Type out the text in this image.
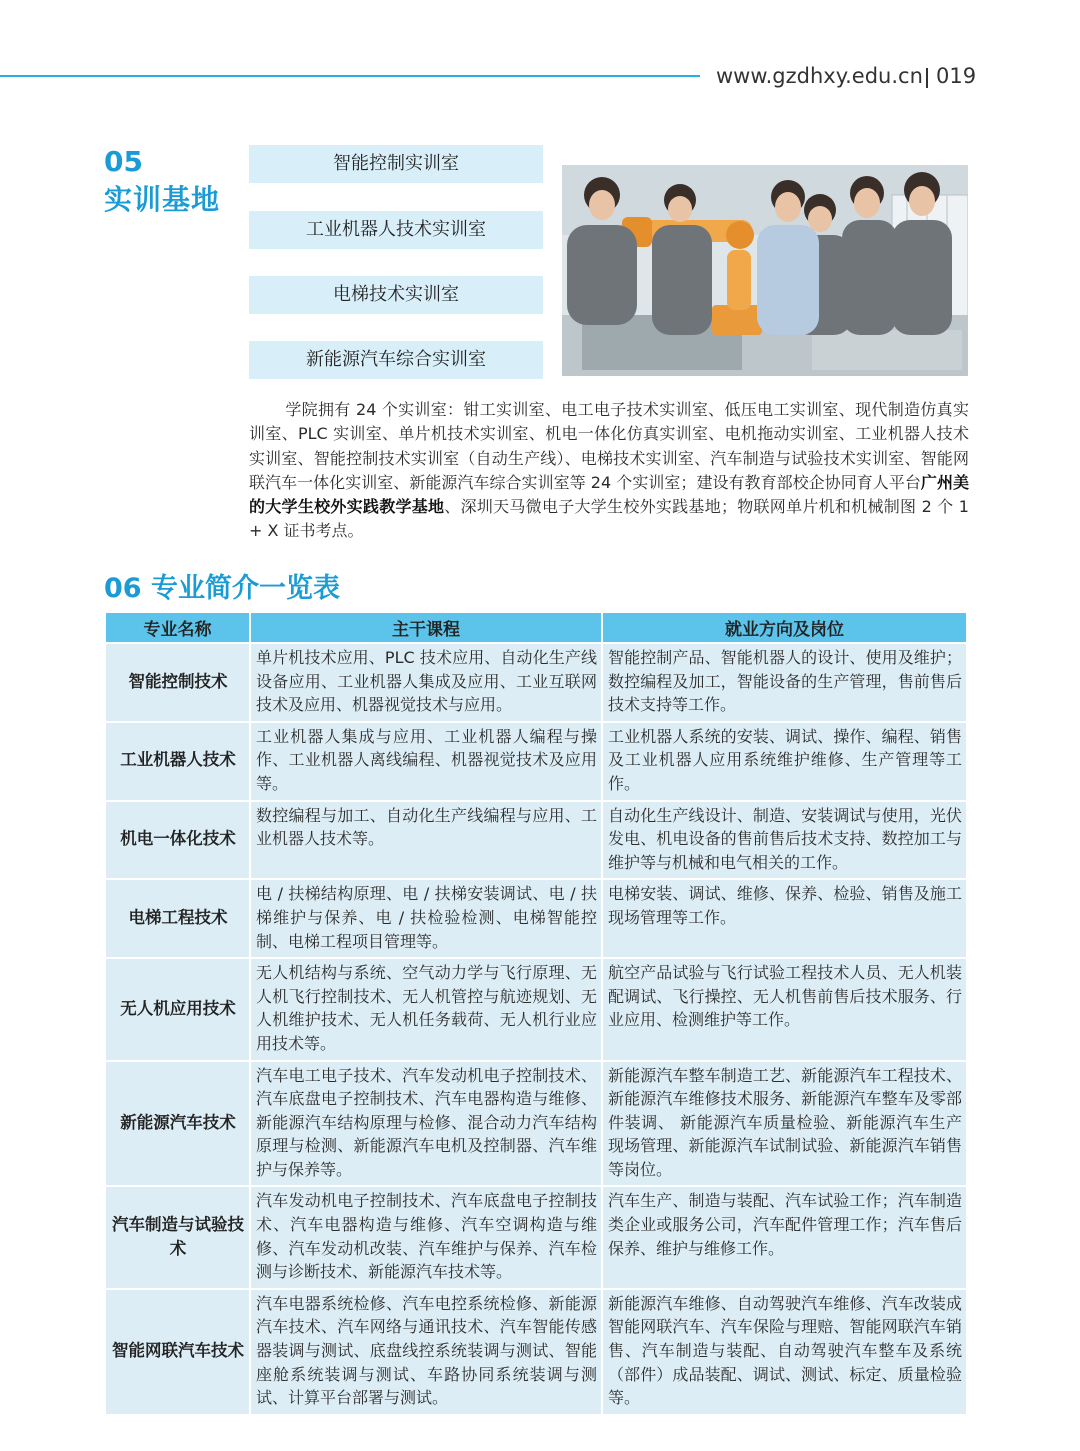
www.gzdhxy.edu.cn 019
05
实训基地
智能控制实训室
工业机器人技术实训室
电梯技术实训室
新能源汽车综合实训室
学院拥有 24 个实训室：钳工实训室、电工电子技术实训室、低压电工实训室、现代制造仿真实训室、PLC 实训室、单片机技术实训室、机电一体化仿真实训室、电机拖动实训室、工业机器人技术实训室、智能控制技术实训室（自动生产线）、电梯技术实训室、汽车制造与试验技术实训室、智能网联汽车一体化实训室、新能源汽车综合实训室等 24 个实训室；建设有教育部校企协同育人平台广州美的大学生校外实践教学基地、深圳天马微电子大学生校外实践基地；物联网单片机和机械制图 2 个 1 + X 证书考点。
06 专业简介一览表
专业名称	主干课程	就业方向及岗位
智能控制技术	单片机技术应用、PLC 技术应用、自动化生产线设备应用、工业机器人集成及应用、工业互联网技术及应用、机器视觉技术与应用。	智能控制产品、智能机器人的设计、使用及维护；数控编程及加工，智能设备的生产管理，售前售后技术支持等工作。
工业机器人技术	工业机器人集成与应用、工业机器人编程与操作、工业机器人离线编程、机器视觉技术及应用等。	工业机器人系统的安装、调试、操作、编程、销售及工业机器人应用系统维护维修、生产管理等工作。
机电一体化技术	数控编程与加工、自动化生产线编程与应用、工业机器人技术等。	自动化生产线设计、制造、安装调试与使用，光伏发电、机电设备的售前售后技术支持、数控加工与维护等与机械和电气相关的工作。
电梯工程技术	电 / 扶梯结构原理、电 / 扶梯安装调试、电 / 扶梯维护与保养、电 / 扶检验检测、电梯智能控制、电梯工程项目管理等。	电梯安装、调试、维修、保养、检验、销售及施工现场管理等工作。
无人机应用技术	无人机结构与系统、空气动力学与飞行原理、无人机飞行控制技术、无人机管控与航迹规划、无人机维护技术、无人机任务载荷、无人机行业应用技术等。	航空产品试验与飞行试验工程技术人员、无人机装配调试、飞行操控、无人机售前售后技术服务、行业应用、检测维护等工作。
新能源汽车技术	汽车电工电子技术、汽车发动机电子控制技术、汽车底盘电子控制技术、汽车电器构造与维修、新能源汽车结构原理与检修、混合动力汽车结构原理与检测、新能源汽车电机及控制器、汽车维护与保养等。	新能源汽车整车制造工艺、新能源汽车工程技术、新能源汽车维修技术服务、新能源汽车整车及零部件装调、 新能源汽车质量检验、新能源汽车生产现场管理、新能源汽车试制试验、新能源汽车销售等岗位。
汽车制造与试验技术	汽车发动机电子控制技术、汽车底盘电子控制技术、汽车电器构造与维修、汽车空调构造与维修、汽车发动机改装、汽车维护与保养、汽车检测与诊断技术、新能源汽车技术等。	汽车生产、制造与装配、汽车试验工作；汽车制造类企业或服务公司，汽车配件管理工作；汽车售后保养、维护与维修工作。
智能网联汽车技术	汽车电器系统检修、汽车电控系统检修、新能源汽车技术、汽车网络与通讯技术、汽车智能传感器装调与测试、底盘线控系统装调与测试、智能座舱系统装调与测试、车路协同系统装调与测试、计算平台部署与测试。	新能源汽车维修、自动驾驶汽车维修、汽车改装成智能网联汽车、汽车保险与理赔、智能网联汽车销售、汽车制造与装配、自动驾驶汽车整车及系统（部件）成品装配、调试、测试、标定、质量检验等。
